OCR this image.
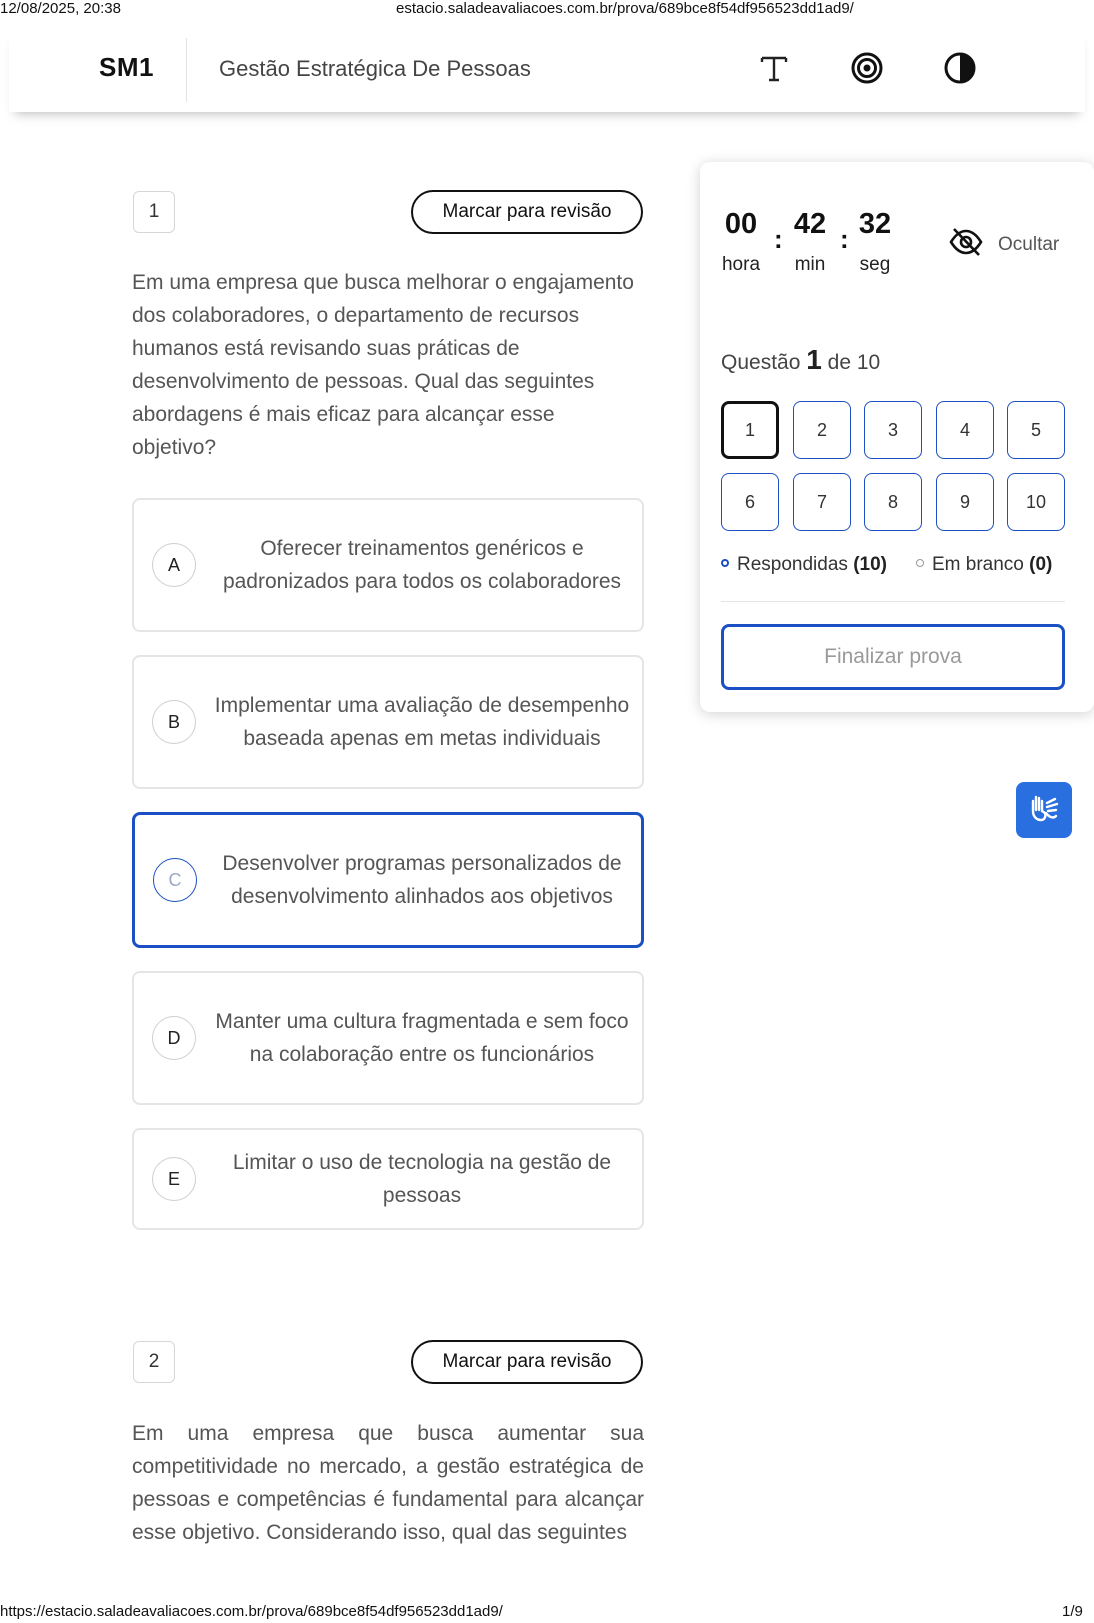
12/08/2025, 20:38	estacio.saladeavaliacoes.com.br/prova/689bce8f54df956523dd1ad9/
SM1	Gestão Estratégica De Pessoas
1	Marcar para revisão
Em uma empresa que busca melhorar o engajamento dos colaboradores, o departamento de recursos humanos está revisando suas práticas de desenvolvimento de pessoas. Qual das seguintes abordagens é mais eficaz para alcançar esse objetivo?
A
Oferecer treinamentos genéricos e padronizados para todos os colaboradores
B
Implementar uma avaliação de desempenho baseada apenas em metas individuais
C
Desenvolver programas personalizados de desenvolvimento alinhados aos objetivos
D
Manter uma cultura fragmentada e sem foco na colaboração entre os funcionários
E
Limitar o uso de tecnologia na gestão de pessoas
2	Marcar para revisão
Em uma empresa que busca aumentar sua competitividade no mercado, a gestão estratégica de pessoas e competências é fundamental para alcançar esse objetivo. Considerando isso, qual das seguintes
00 : 42 : 32
hora	min	seg
Ocultar
Questão 1 de 10
1	2	3	4	5
6	7	8	9	10
Respondidas (10)	Em branco (0)
Finalizar prova
https://estacio.saladeavaliacoes.com.br/prova/689bce8f54df956523dd1ad9/	1/9
